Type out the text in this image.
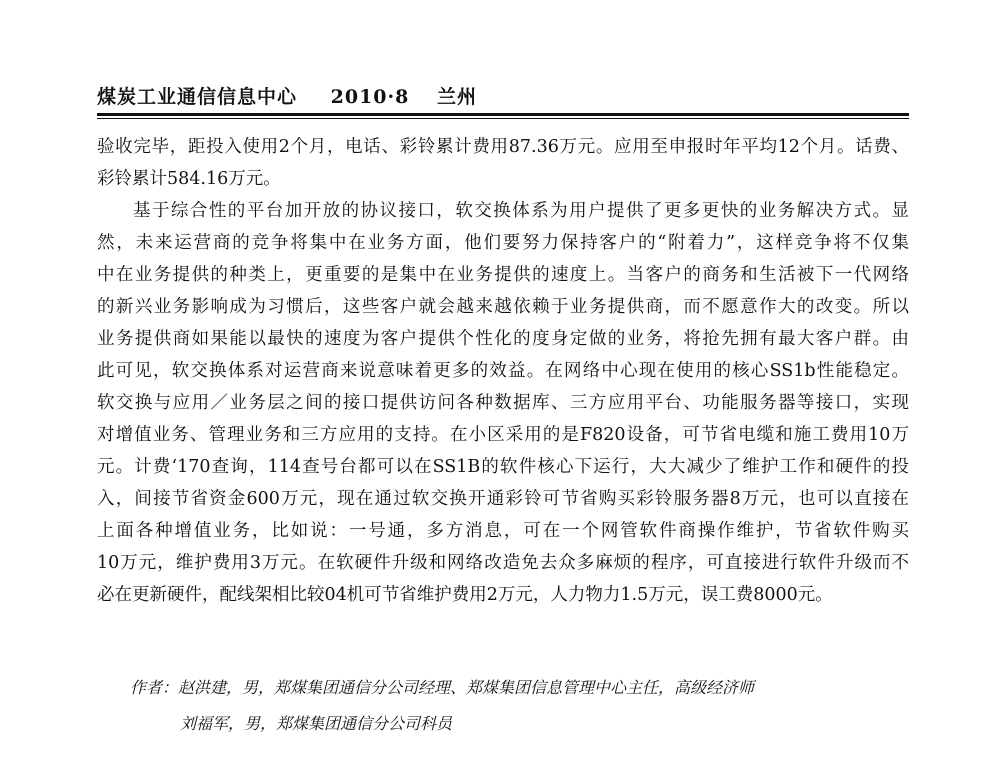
煤炭工业通信信息中心 2010·8 兰州
验收完毕，距投入使用2个月，电话、彩铃累计费用87.36万元。应用至申报时年平均12个月。话费、
彩铃累计584.16万元。
基于综合性的平台加开放的协议接口，软交换体系为用户提供了更多更快的业务解决方式。显
然，未来运营商的竞争将集中在业务方面，他们要努力保持客户的“附着力”，这样竞争将不仅集
中在业务提供的种类上，更重要的是集中在业务提供的速度上。当客户的商务和生活被下一代网络
的新兴业务影响成为习惯后，这些客户就会越来越依赖于业务提供商，而不愿意作大的改变。所以
业务提供商如果能以最快的速度为客户提供个性化的度身定做的业务，将抢先拥有最大客户群。由
此可见，软交换体系对运营商来说意味着更多的效益。在网络中心现在使用的核心SS1b性能稳定。
软交换与应用／业务层之间的接口提供访问各种数据库、三方应用平台、功能服务器等接口，实现
对增值业务、管理业务和三方应用的支持。在小区采用的是F820设备，可节省电缆和施工费用10万
元。计费‘170查询，114查号台都可以在SS1B的软件核心下运行，大大减少了维护工作和硬件的投
入，间接节省资金600万元，现在通过软交换开通彩铃可节省购买彩铃服务器8万元，也可以直接在
上面各种增值业务，比如说：一号通，多方消息，可在一个网管软件商操作维护，节省软件购买
10万元，维护费用3万元。在软硬件升级和网络改造免去众多麻烦的程序，可直接进行软件升级而不
必在更新硬件，配线架相比较04机可节省维护费用2万元，人力物力1.5万元，误工费8000元。
作者：赵洪建，男，郑煤集团通信分公司经理、郑煤集团信息管理中心主任，高级经济师
刘福军，男，郑煤集团通信分公司科员
